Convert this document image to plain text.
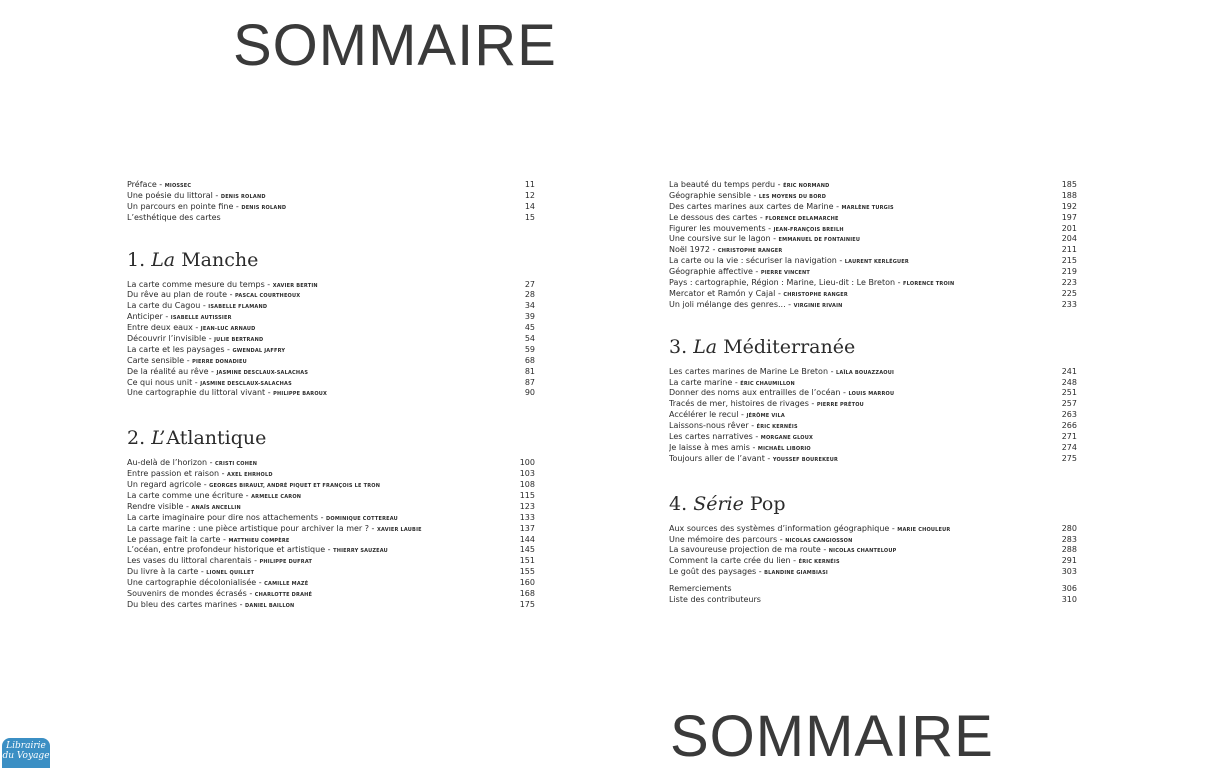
SOMMAIRE
Préface - MIOSSEC	11
Une poésie du littoral - DENIS ROLAND	12
Un parcours en pointe fine - DENIS ROLAND	14
L’esthétique des cartes	15
1. La Manche
La carte comme mesure du temps - XAVIER BERTIN	27
Du rêve au plan de route - PASCAL COURTHEOUX	28
La carte du Cagou - ISABELLE FLAMAND	34
Anticiper - ISABELLE AUTISSIER	39
Entre deux eaux - JEAN-LUC ARNAUD	45
Découvrir l’invisible - JULIE BERTRAND	54
La carte et les paysages - GWENDAL JAFFRY	59
Carte sensible - PIERRE DONADIEU	68
De la réalité au rêve - JASMINE DESCLAUX-SALACHAS	81
Ce qui nous unit - JASMINE DESCLAUX-SALACHAS	87
Une cartographie du littoral vivant - PHILIPPE BAROUX	90
2. L’ Atlantique
Au-delà de l’horizon - CRISTI COHEN	100
Entre passion et raison - AXEL EHRHOLD	103
Un regard agricole - GEORGES BIRAULT, ANDRÉ PIQUET ET FRANÇOIS LE TRON	108
La carte comme une écriture - ARMELLE CARON	115
Rendre visible - ANAÏS ANCELLIN	123
La carte imaginaire pour dire nos attachements - DOMINIQUE COTTEREAU	133
La carte marine : une pièce artistique pour archiver la mer ? - XAVIER LAUBIE	137
Le passage fait la carte - MATTHIEU COMPÈRE	144
L’océan, entre profondeur historique et artistique - THIERRY SAUZEAU	145
Les vases du littoral charentais - PHILIPPE DUFRAT	151
Du livre à la carte - LIONEL QUILLET	155
Une cartographie décolonialisée - CAMILLE MAZÉ	160
Souvenirs de mondes écrasés - CHARLOTTE DRAHÉ	168
Du bleu des cartes marines - DANIEL BAILLON	175
La beauté du temps perdu - ÉRIC NORMAND	185
Géographie sensible - LES MOYENS DU BORD	188
Des cartes marines aux cartes de Marine - MARLÈNE TURGIS	192
Le dessous des cartes - FLORENCE DELAMARCHE	197
Figurer les mouvements - JEAN-FRANÇOIS BREILH	201
Une coursive sur le lagon - EMMANUEL DE FONTAINIEU	204
Noël 1972 - CHRISTOPHE RANGER	211
La carte ou la vie : sécuriser la navigation - LAURENT KERLÉGUER	215
Géographie affective - PIERRE VINCENT	219
Pays : cartographie, Région : Marine, Lieu-dit : Le Breton - FLORENCE TROIN	223
Mercator et Ramón y Cajal - CHRISTOPHE RANGER	225
Un joli mélange des genres... - VIRGINIE RIVAIN	233
3. La Méditerranée
Les cartes marines de Marine Le Breton - LAÏLA BOUAZZAOUI	241
La carte marine - ÉRIC CHAUMILLON	248
Donner des noms aux entrailles de l’océan - LOUIS MARROU	251
Tracés de mer, histoires de rivages - PIERRE PRÉTOU	257
Accélérer le recul - JÉRÔME VILA	263
Laissons-nous rêver - ÉRIC KERNÉIS	266
Les cartes narratives - MORGANE GLOUX	271
Je laisse à mes amis - MICHAËL LIBORIO	274
Toujours aller de l’avant - YOUSSEF BOUREKEUR	275
4. Série Pop
Aux sources des systèmes d’information géographique - MARIE CHOULEUR	280
Une mémoire des parcours - NICOLAS CANGIOSSON	283
La savoureuse projection de ma route - NICOLAS CHANTELOUP	288
Comment la carte crée du lien - ÉRIC KERNÉIS	291
Le goût des paysages - BLANDINE GIAMBIASI	303
Remerciements	306
Liste des contributeurs	310
SOMMAIRE
Librairie
du Voyage
